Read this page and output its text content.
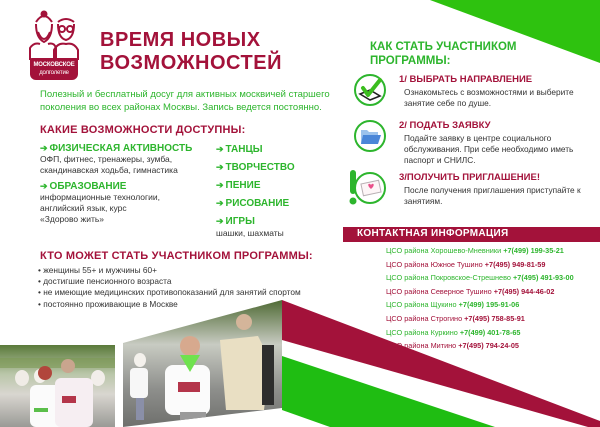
МОСКОВСКОЕ
долголетие
ВРЕМЯ НОВЫХ
ВОЗМОЖНОСТЕЙ
Полезный и бесплатный досуг для активных москвичей старшего поколения во всех районах Москвы. Запись ведется постоянно.
КАКИЕ ВОЗМОЖНОСТИ ДОСТУПНЫ:
➔ ФИЗИЧЕСКАЯ АКТИВНОСТЬ
ОФП, фитнес, тренажеры, зумба, скандинавская ходьба, гимнастика
➔ ОБРАЗОВАНИЕ
информационные технологии, английский язык, курс «Здорово жить»
➔ ТАНЦЫ
➔ ТВОРЧЕСТВО
➔ ПЕНИЕ
➔ РИСОВАНИЕ
➔ ИГРЫ
шашки, шахматы
КТО МОЖЕТ СТАТЬ УЧАСТНИКОМ ПРОГРАММЫ:
• женщины 55+ и мужчины 60+
• достигшие пенсионного возраста
• не имеющие медицинских противопоказаний для занятий спортом
• постоянно проживающие в Москве
КАК СТАТЬ УЧАСТНИКОМ
ПРОГРАММЫ:
1/ ВЫБРАТЬ НАПРАВЛЕНИЕ
Ознакомьтесь с возможностями и выберите занятие себе по душе.
2/ ПОДАТЬ ЗАЯВКУ
Подайте заявку в центре социального обслуживания. При себе необходимо иметь паспорт и СНИЛС.
3/ПОЛУЧИТЬ ПРИГЛАШЕНИЕ!
После получения приглашения приступайте к занятиям.
КОНТАКТНАЯ ИНФОРМАЦИЯ
ЦСО района Хорошево-Мневники +7(499) 199-35-21
ЦСО района Южное Тушино +7(495) 949-81-59
ЦСО района Покровское-Стрешнево +7(495) 491-93-00
ЦСО района Северное Тушино +7(495) 944-46-02
ЦСО района Щукино +7(499) 195-91-06
ЦСО района Строгино +7(495) 758-85-91
ЦСО района Куркино +7(499) 401-78-65
ЦСО района Митино +7(495) 794-24-05
